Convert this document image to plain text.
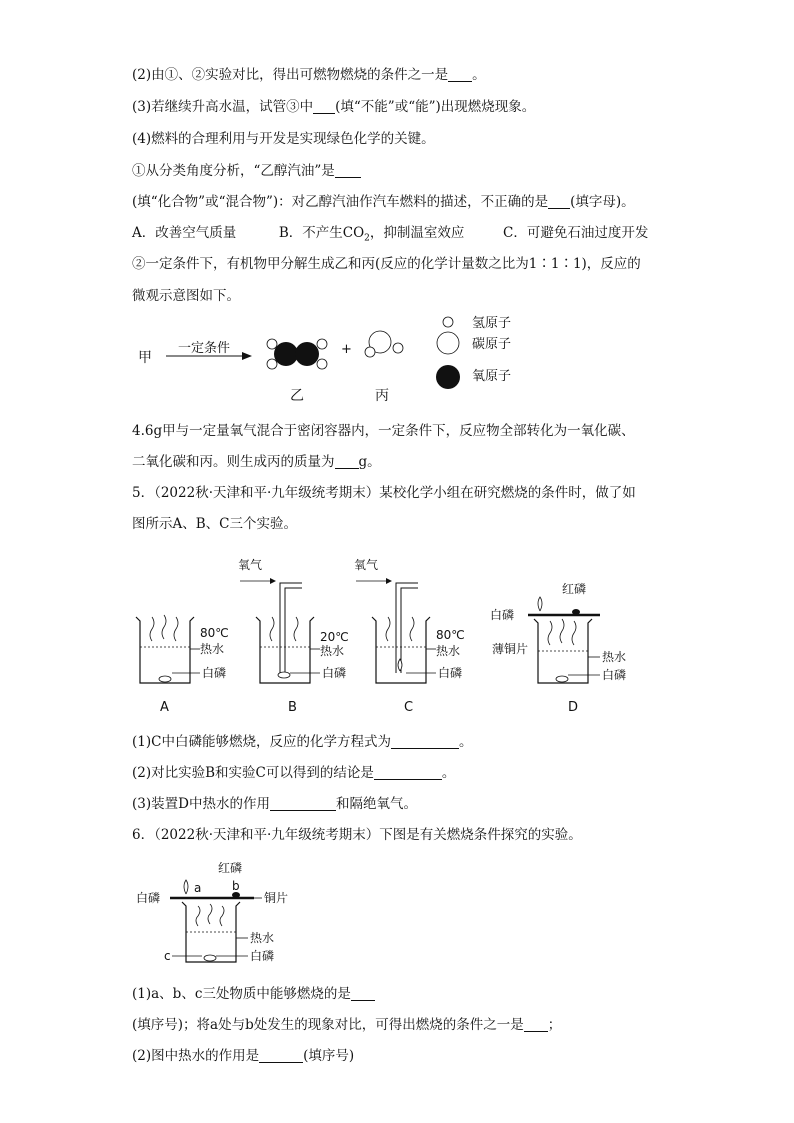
(2)由①、②实验对比，得出可燃物燃烧的条件之一是 。
(3)若继续升高水温，试管③中 (填“不能”或“能”)出现燃烧现象。
(4)燃料的合理利用与开发是实现绿色化学的关键。
①从分类角度分析，“乙醇汽油”是
(填“化合物”或“混合物”)：对乙醇汽油作汽车燃料的描述，不正确的是 (填字母)。
A．改善空气质量	B．不产生$CO_2$，抑制温室效应	C．可避免石油过度开发
②一定条件下，有机物甲分解生成乙和丙(反应的化学计量数之比为1∶1∶1)，反应的
微观示意图如下。
甲
一定条件	+
乙	丙
氢原子
碳原子
氧原子
4.6g甲与一定量氧气混合于密闭容器内，一定条件下，反应物全部转化为一氧化碳、
二氧化碳和丙。则生成丙的质量为 g。
5．（2022秋·天津和平·九年级统考期末）某校化学小组在研究燃烧的条件时，做了如
图所示A、B、C三个实验。
80℃
热水
白磷
氧气
20℃
热水
白磷
氧气
80℃
热水
白磷
红磷
白磷
薄铜片
热水
白磷
A	B	C	D
(1)C中白磷能够燃烧，反应的化学方程式为	。
(2)对比实验B和实验C可以得到的结论是	。
(3)装置D中热水的作用	和隔绝氧气。
6．（2022秋·天津和平·九年级统考期末）下图是有关燃烧条件探究的实验。
红磷
a	b
白磷	铜片
热水
白磷
c
(1)a、b、c三处物质中能够燃烧的是
(填序号)；将a处与b处发生的现象对比，可得出燃烧的条件之一是 ；
(2)图中热水的作用是	(填序号)
